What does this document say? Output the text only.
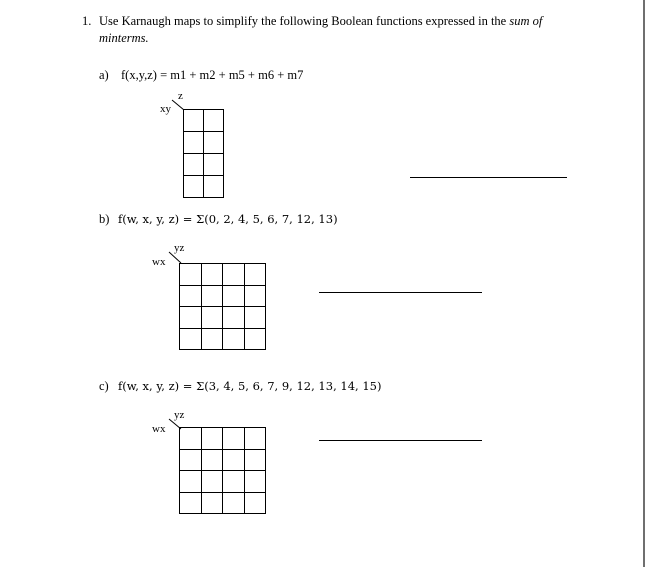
1. Use Karnaugh maps to simplify the following Boolean functions expressed in the sum of
minterms.
a) f(x,y,z) = m1 + m2 + m5 + m6 + m7
z
xy

b) f(w, x, y, z) = Σ(0, 2, 4, 5, 6, 7, 12, 13)
yz
wx

c) f(w, x, y, z) = Σ(3, 4, 5, 6, 7, 9, 12, 13, 14, 15)
yz
wx
